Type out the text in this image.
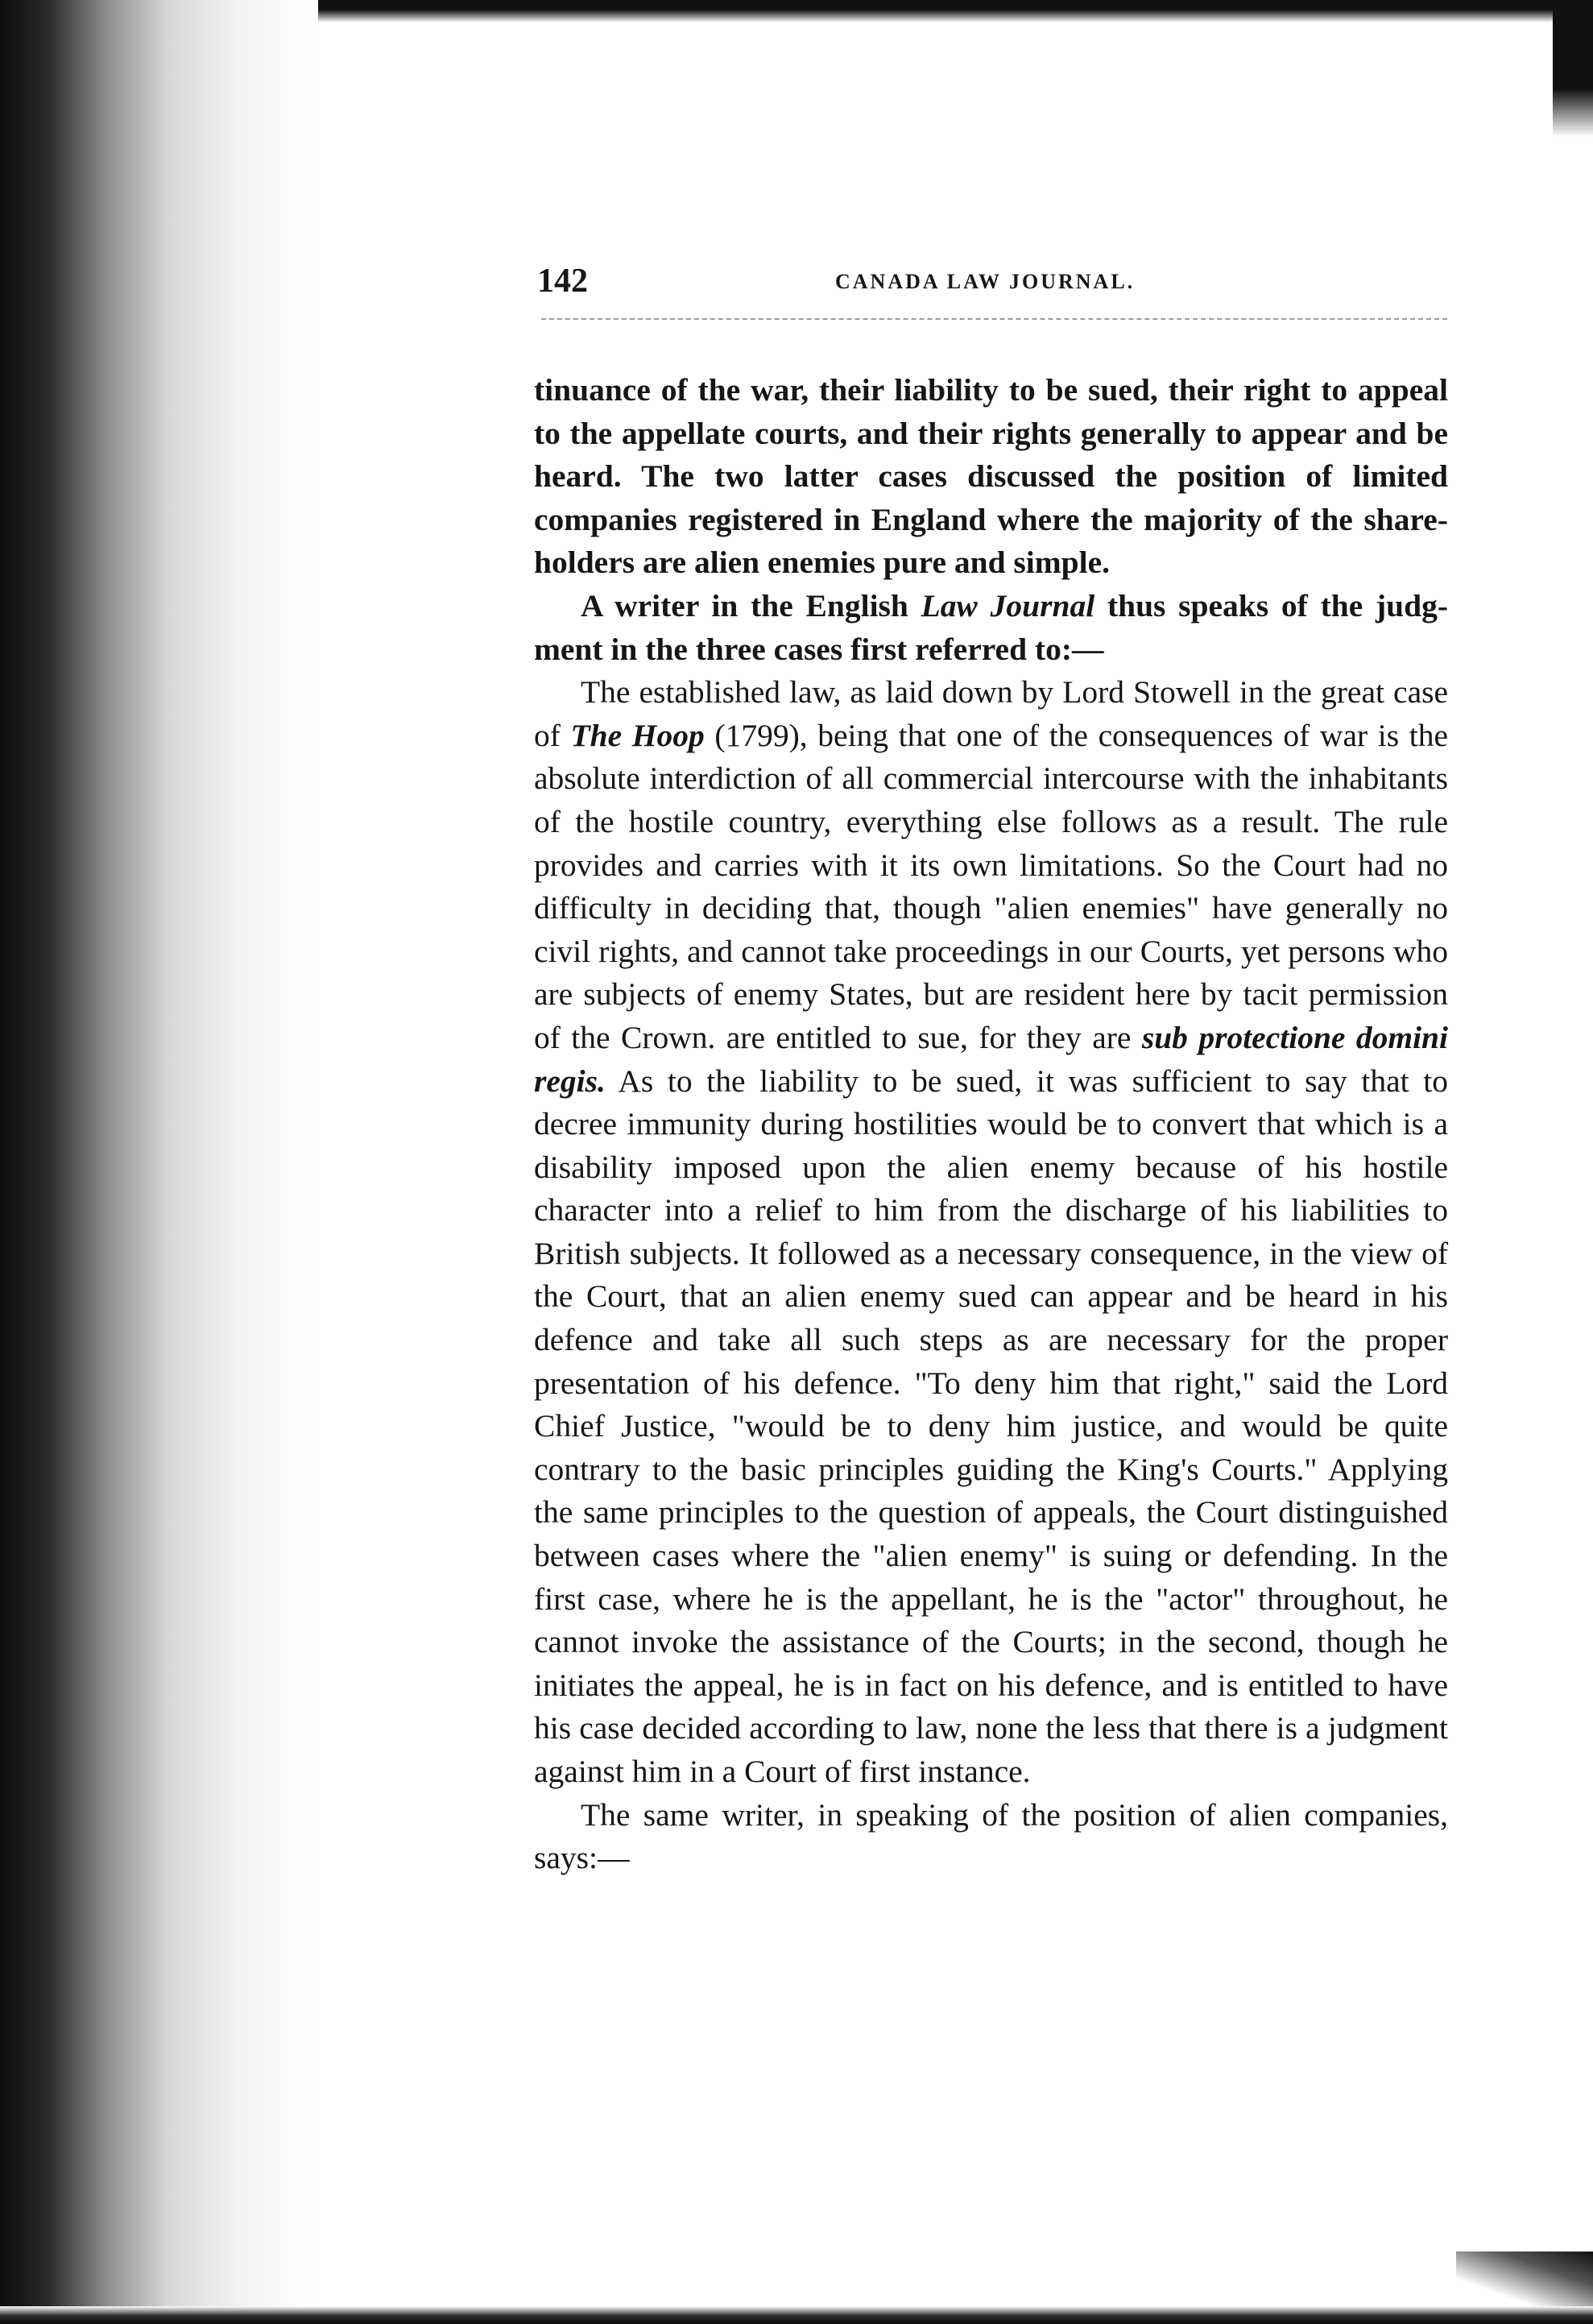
142	CANADA LAW JOURNAL.

tinuance of the war, their liability to be sued, their right to appeal to the appellate courts, and their rights generally to appear and be heard. The two latter cases discussed the position of limited companies registered in England where the majority of the shareholders are alien enemies pure and simple.

A writer in the English Law Journal thus speaks of the judgment in the three cases first referred to:—

The established law, as laid down by Lord Stowell in the great case of The Hoop (1799), being that one of the consequences of war is the absolute interdiction of all commercial intercourse with the inhabitants of the hostile country, everything else follows as a result. The rule provides and carries with it its own limitations. So the Court had no difficulty in deciding that, though "alien enemies" have generally no civil rights, and cannot take proceedings in our Courts, yet persons who are subjects of enemy States, but are resident here by tacit permission of the Crown. are entitled to sue, for they are sub protectione domini regis. As to the liability to be sued, it was sufficient to say that to decree immunity during hostilities would be to convert that which is a disability imposed upon the alien enemy because of his hostile character into a relief to him from the discharge of his liabilities to British subjects. It followed as a necessary consequence, in the view of the Court, that an alien enemy sued can appear and be heard in his defence and take all such steps as are necessary for the proper presentation of his defence. "To deny him that right," said the Lord Chief Justice, "would be to deny him justice, and would be quite contrary to the basic principles guiding the King's Courts." Applying the same principles to the question of appeals, the Court distinguished between cases where the "alien enemy" is suing or defending. In the first case, where he is the appellant, he is the "actor" throughout, he cannot invoke the assistance of the Courts; in the second, though he initiates the appeal, he is in fact on his defence, and is entitled to have his case decided according to law, none the less that there is a judgment against him in a Court of first instance.

The same writer, in speaking of the position of alien companies, says:—
